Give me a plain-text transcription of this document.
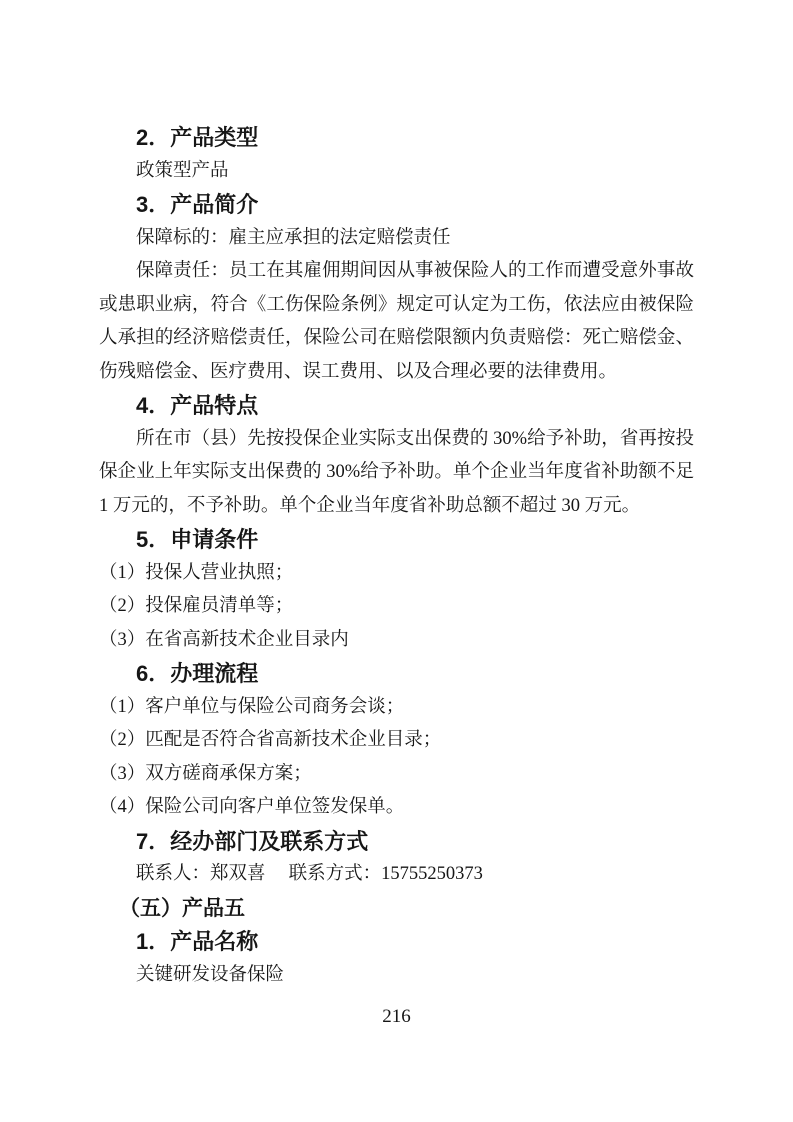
2．产品类型
政策型产品
3．产品简介
保障标的：雇主应承担的法定赔偿责任
保障责任：员工在其雇佣期间因从事被保险人的工作而遭受意外事故
或患职业病，符合《工伤保险条例》规定可认定为工伤，依法应由被保险
人承担的经济赔偿责任，保险公司在赔偿限额内负责赔偿：死亡赔偿金、
伤残赔偿金、医疗费用、误工费用、以及合理必要的法律费用。
4．产品特点
所在市（县）先按投保企业实际支出保费的 30%给予补助，省再按投
保企业上年实际支出保费的 30%给予补助。单个企业当年度省补助额不足
1 万元的，不予补助。单个企业当年度省补助总额不超过 30 万元。
5．申请条件
（1）投保人营业执照；
（2）投保雇员清单等；
（3）在省高新技术企业目录内
6．办理流程
（1）客户单位与保险公司商务会谈；
（2）匹配是否符合省高新技术企业目录；
（3）双方磋商承保方案；
（4）保险公司向客户单位签发保单。
7．经办部门及联系方式
联系人：郑双喜　 联系方式：15755250373
（五）产品五
1．产品名称
关键研发设备保险
216
